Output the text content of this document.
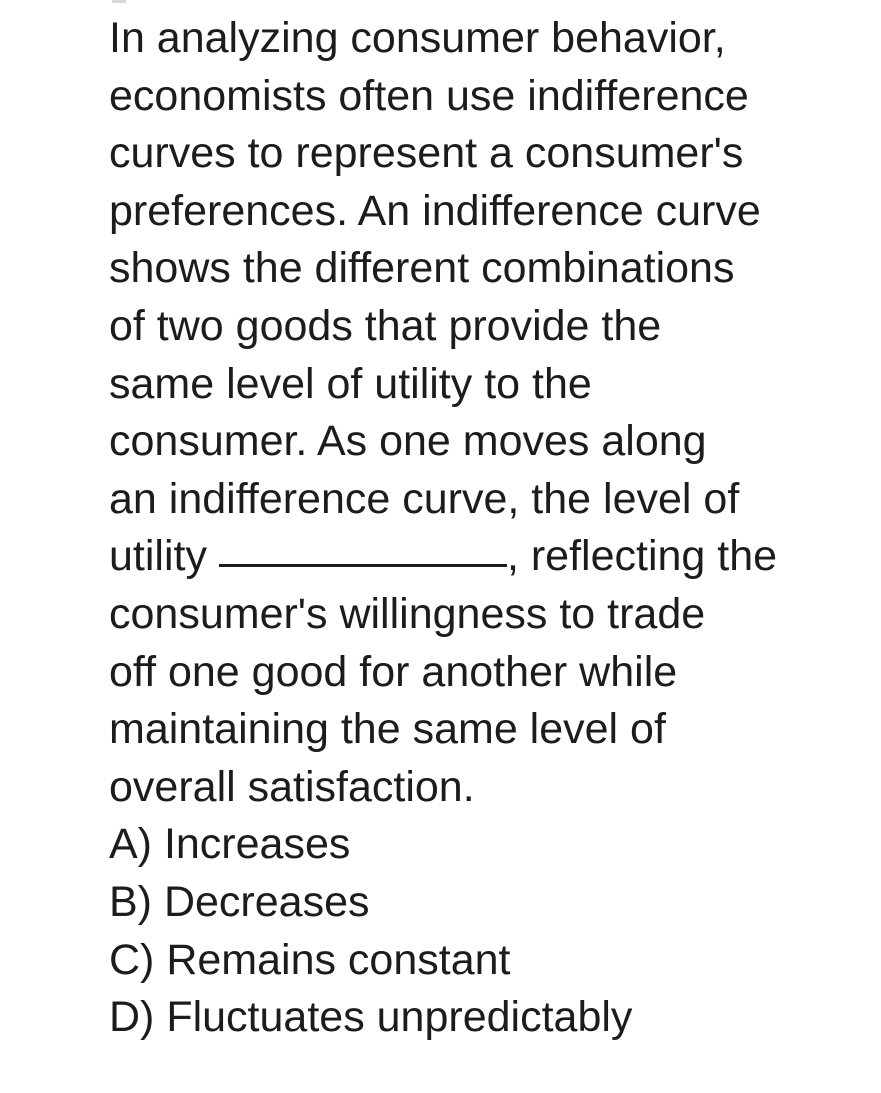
In analyzing consumer behavior,
economists often use indifference
curves to represent a consumer's
preferences. An indifference curve
shows the different combinations
of two goods that provide the
same level of utility to the
consumer. As one moves along
an indifference curve, the level of
utility	, reflecting the
consumer's willingness to trade
off one good for another while
maintaining the same level of
overall satisfaction.
A) Increases
B) Decreases
C) Remains constant
D) Fluctuates unpredictably
